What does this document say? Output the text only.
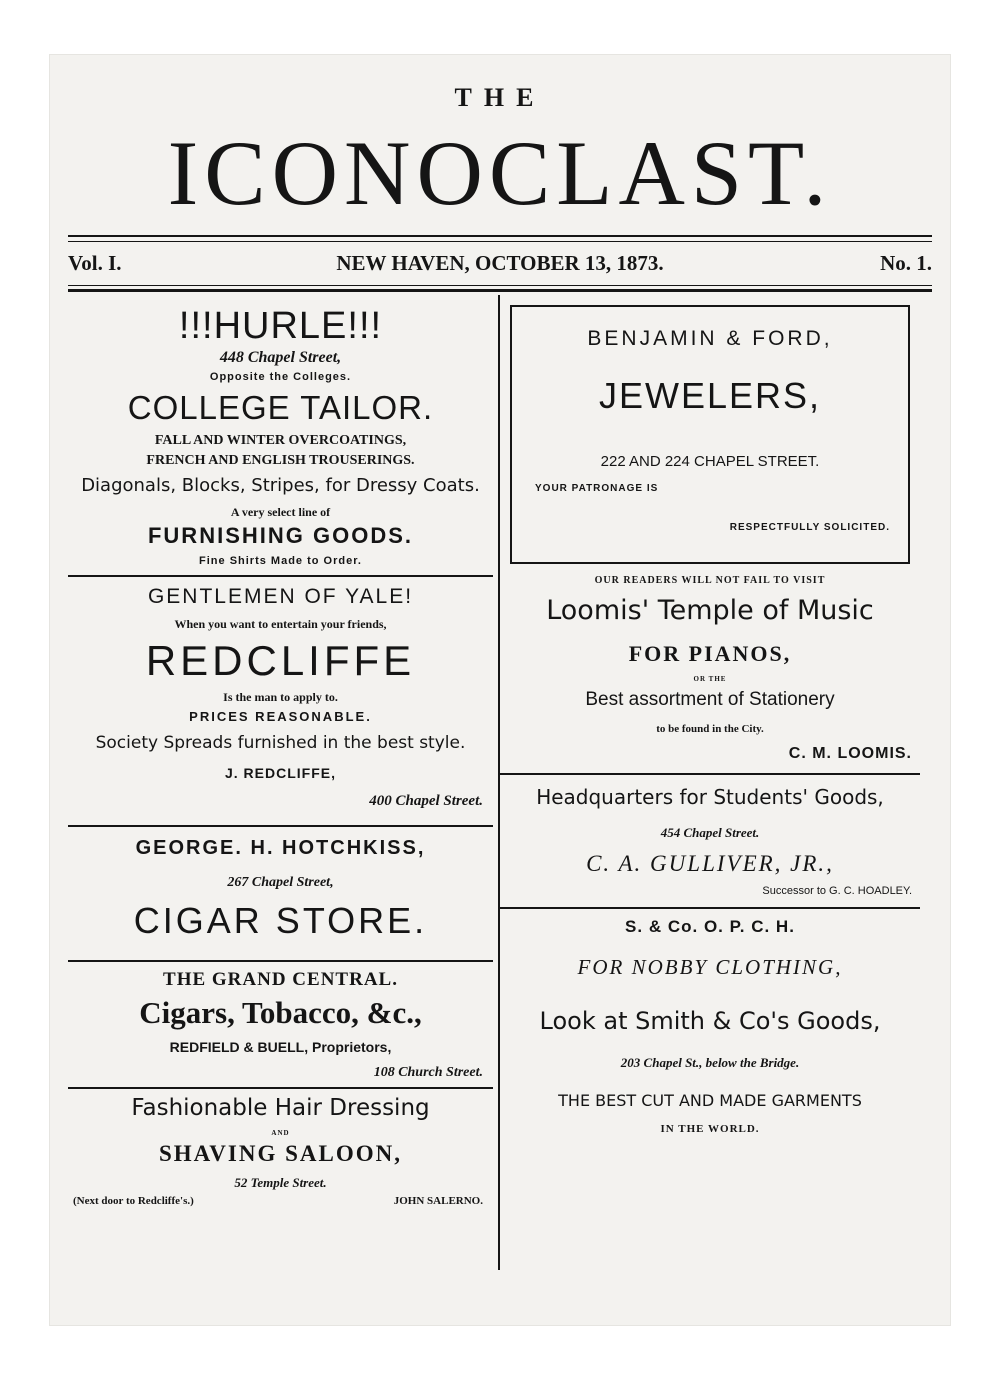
THE
ICONOCLAST.
Vol. I.	NEW HAVEN, OCTOBER 13, 1873.	No. 1.
!!!HURLE!!!
448 Chapel Street,
Opposite the Colleges.
COLLEGE TAILOR.
FALL AND WINTER OVERCOATINGS,
FRENCH AND ENGLISH TROUSERINGS.
Diagonals, Blocks, Stripes, for Dressy Coats.
A very select line of
FURNISHING GOODS.
Fine Shirts Made to Order.
GENTLEMEN OF YALE!
When you want to entertain your friends,
REDCLIFFE
Is the man to apply to.
PRICES REASONABLE.
Society Spreads furnished in the best style.
J. REDCLIFFE,
400 Chapel Street.
GEORGE. H. HOTCHKISS,
267 Chapel Street,
CIGAR STORE.
THE GRAND CENTRAL.
Cigars, Tobacco, &c.,
REDFIELD & BUELL, Proprietors,
108 Church Street.
Fashionable Hair Dressing
AND
SHAVING SALOON,
52 Temple Street.
(Next door to Redcliffe's.)	JOHN SALERNO.
BENJAMIN & FORD,
JEWELERS,
222 AND 224 CHAPEL STREET.
YOUR PATRONAGE IS
RESPECTFULLY SOLICITED.
OUR READERS WILL NOT FAIL TO VISIT
Loomis' Temple of Music
FOR PIANOS,
OR THE
Best assortment of Stationery
to be found in the City.
C. M. LOOMIS.
Headquarters for Students' Goods,
454 Chapel Street.
C. A. GULLIVER, JR.,
Successor to G. C. HOADLEY.
S. & Co. O. P. C. H.
FOR NOBBY CLOTHING,
Look at Smith & Co's Goods,
203 Chapel St., below the Bridge.
THE BEST CUT AND MADE GARMENTS
IN THE WORLD.
